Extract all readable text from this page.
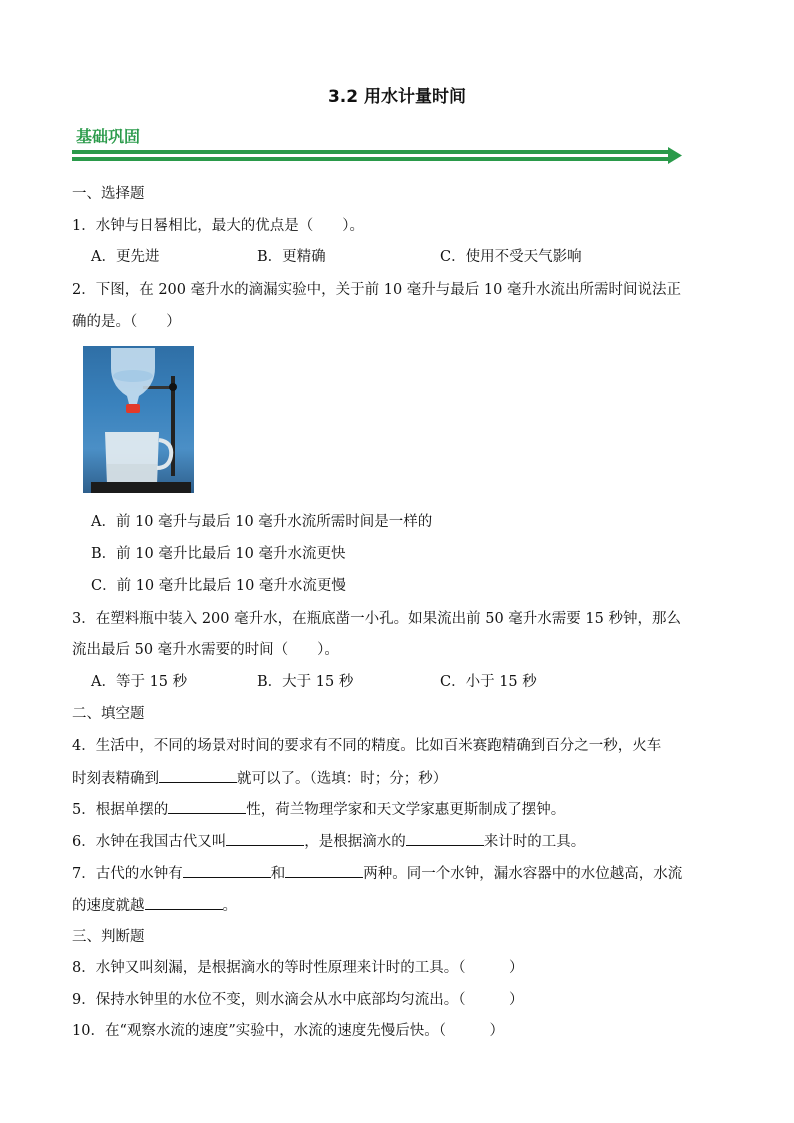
3.2 用水计量时间
基础巩固
一、选择题
1．水钟与日晷相比，最大的优点是（　　）。
A．更先进	B．更精确	C．使用不受天气影响
2．下图，在 200 毫升水的滴漏实验中，关于前 10 毫升与最后 10 毫升水流出所需时间说法正
确的是。（　　）
A．前 10 毫升与最后 10 毫升水流所需时间是一样的
B．前 10 毫升比最后 10 毫升水流更快
C．前 10 毫升比最后 10 毫升水流更慢
3．在塑料瓶中装入 200 毫升水，在瓶底凿一小孔。如果流出前 50 毫升水需要 15 秒钟，那么
流出最后 50 毫升水需要的时间（　　）。
A．等于 15 秒	B．大于 15 秒	C．小于 15 秒
二、填空题
4．生活中，不同的场景对时间的要求有不同的精度。比如百米赛跑精确到百分之一秒，火车
时刻表精确到	就可以了。（选填：时；分；秒）
5．根据单摆的	性，荷兰物理学家和天文学家惠更斯制成了摆钟。
6．水钟在我国古代又叫	，是根据滴水的	来计时的工具。
7．古代的水钟有	和	两种。同一个水钟，漏水容器中的水位越高，水流
的速度就越	。
三、判断题
8．水钟又叫刻漏，是根据滴水的等时性原理来计时的工具。（　　　）
9．保持水钟里的水位不变，则水滴会从水中底部均匀流出。（　　　）
10．在“观察水流的速度”实验中，水流的速度先慢后快。（　　　）
